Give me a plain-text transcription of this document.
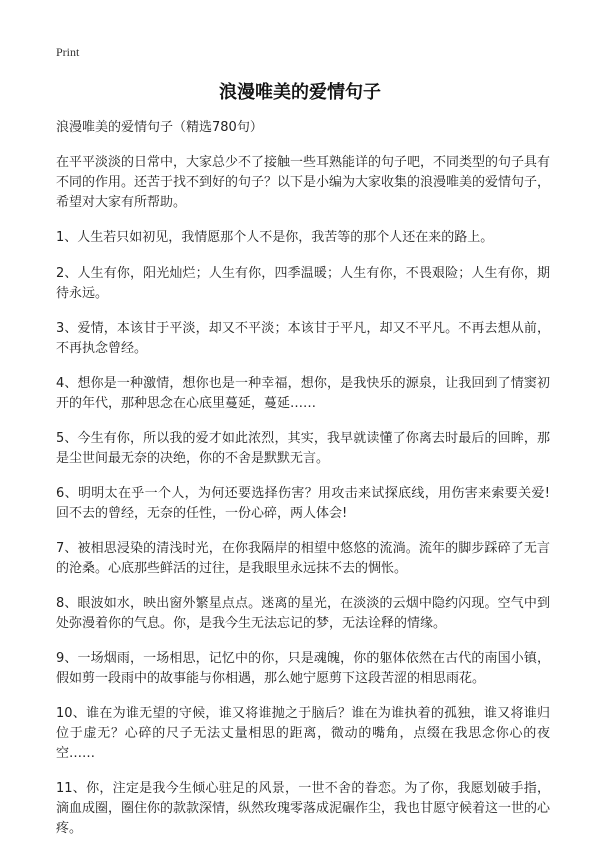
Print
浪漫唯美的爱情句子

浪漫唯美的爱情句子（精选780句）

在平平淡淡的日常中，大家总少不了接触一些耳熟能详的句子吧，不同类型的句子具有不同的作用。还苦于找不到好的句子？以下是小编为大家收集的浪漫唯美的爱情句子，希望对大家有所帮助。

1、人生若只如初见，我情愿那个人不是你，我苦等的那个人还在来的路上。

2、人生有你，阳光灿烂；人生有你，四季温暖；人生有你，不畏艰险；人生有你，期待永远。

3、爱情，本该甘于平淡，却又不平淡；本该甘于平凡，却又不平凡。不再去想从前，不再执念曾经。

4、想你是一种激情，想你也是一种幸福，想你，是我快乐的源泉，让我回到了情窦初开的年代，那种思念在心底里蔓延，蔓延……

5、今生有你，所以我的爱才如此浓烈，其实，我早就读懂了你离去时最后的回眸，那是尘世间最无奈的决绝，你的不舍是默默无言。

6、明明太在乎一个人，为何还要选择伤害？用攻击来试探底线，用伤害来索要关爱!回不去的曾经，无奈的任性，一份心碎，两人体会!

7、被相思浸染的清浅时光，在你我隔岸的相望中悠悠的流淌。流年的脚步踩碎了无言的沧桑。心底那些鲜活的过往，是我眼里永远抹不去的惆怅。

8、眼波如水，映出窗外繁星点点。迷离的星光，在淡淡的云烟中隐约闪现。空气中到处弥漫着你的气息。你，是我今生无法忘记的梦，无法诠释的情缘。

9、一场烟雨，一场相思，记忆中的你，只是魂魄，你的躯体依然在古代的南国小镇，假如剪一段雨中的故事能与你相遇，那么她宁愿剪下这段苦涩的相思雨花。

10、谁在为谁无望的守候，谁又将谁抛之于脑后？谁在为谁执着的孤独，谁又将谁归位于虚无？心碎的尺子无法丈量相思的距离，微动的嘴角，点缀在我思念你心的夜空……

11、你，注定是我今生倾心驻足的风景，一世不舍的眷恋。为了你，我愿划破手指，滴血成圈，圈住你的款款深情，纵然玫瑰零落成泥碾作尘，我也甘愿守候着这一世的心疼。
